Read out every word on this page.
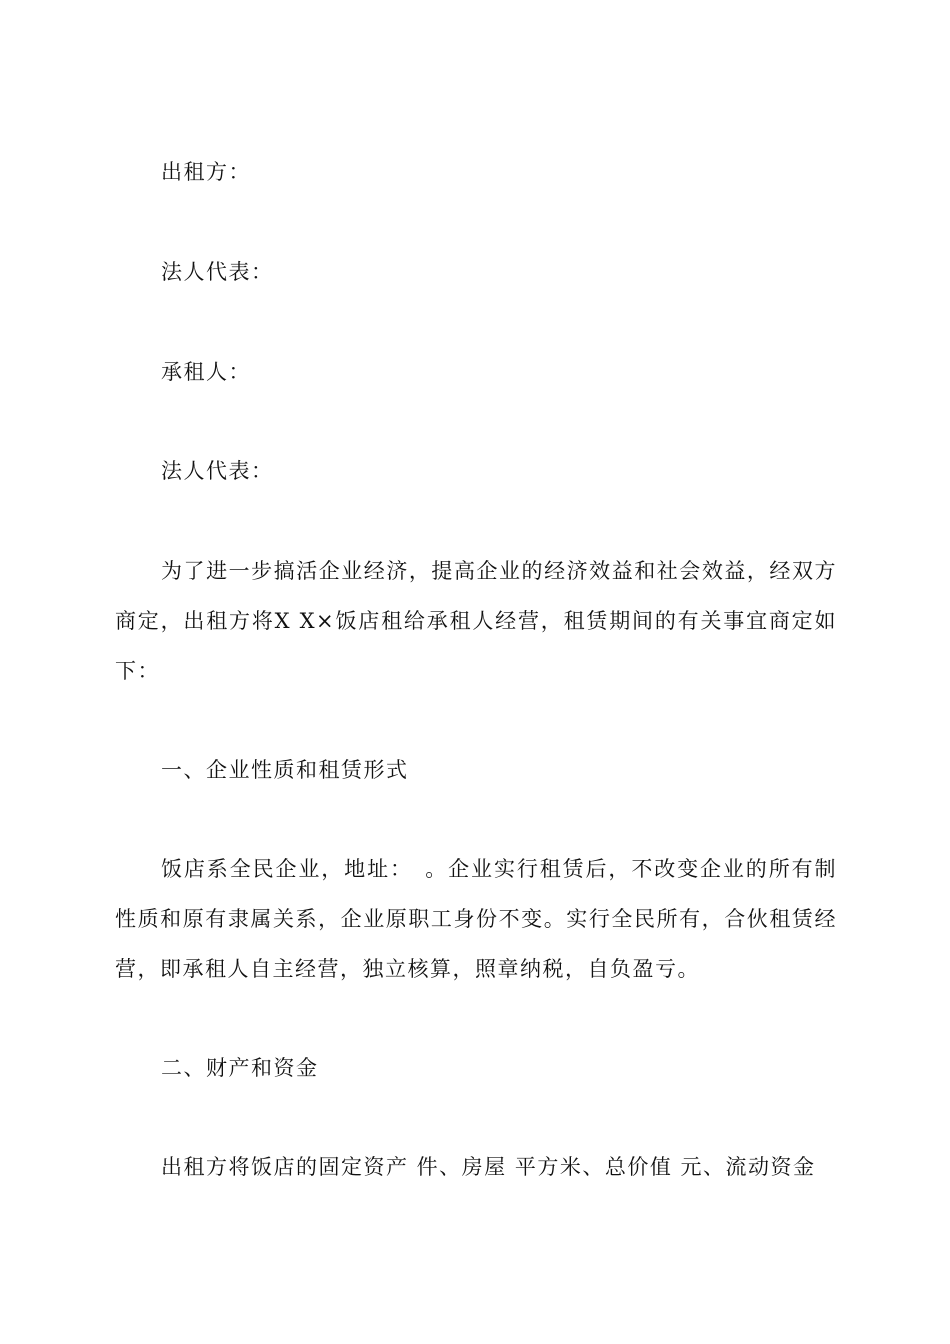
出租方：
法人代表：
承租人：
法人代表：
为了进一步搞活企业经济，提高企业的经济效益和社会效益，经双方商定，出租方将X X×饭店租给承租人经营，租赁期间的有关事宜商定如下：
一、企业性质和租赁形式
饭店系全民企业，地址：　。企业实行租赁后，不改变企业的所有制性质和原有隶属关系，企业原职工身份不变。实行全民所有，合伙租赁经营，即承租人自主经营，独立核算，照章纳税，自负盈亏。
二、财产和资金
出租方将饭店的固定资产 件、房屋 平方米、总价值 元、流动资金
